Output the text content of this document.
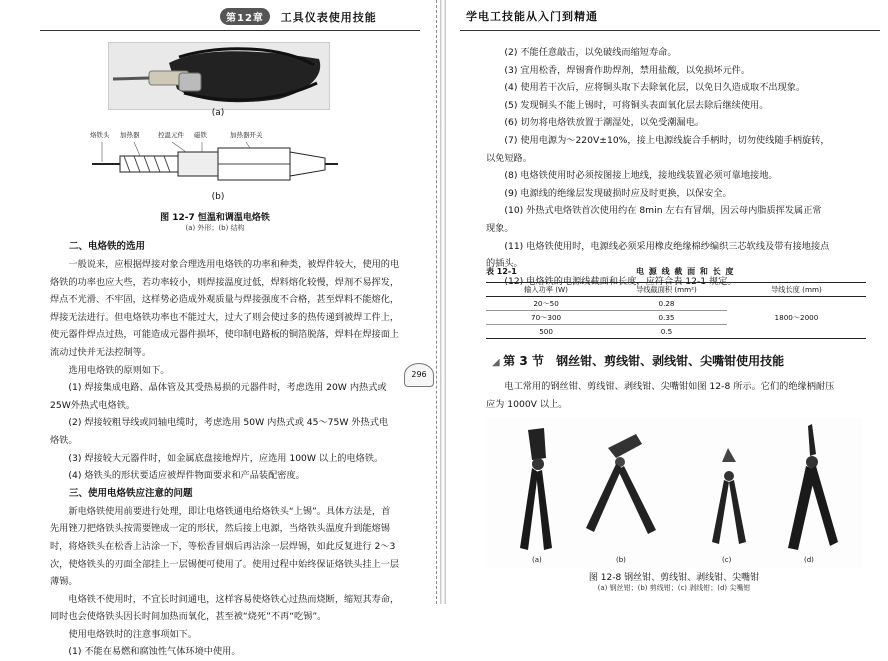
第12章 工具仪表使用技能
(a)
烙铁头 加热器	控温元件 磁铁	加热器开关
(b)
图 12-7 恒温和调温电烙铁
(a) 外形；(b) 结构
二、电烙铁的选用

一般说来，应根据焊接对象合理选用电烙铁的功率和种类，被焊件较大，使用的电

烙铁的功率也应大些，若功率较小，则焊接温度过低，焊料熔化较慢，焊剂不易挥发，

焊点不光滑、不牢固，这样势必造成外观质量与焊接强度不合格，甚至焊料不能熔化，

焊接无法进行。但电烙铁功率也不能过大，过大了则会使过多的热传递到被焊工件上，

使元器件焊点过热，可能造成元器件损坏，使印制电路板的铜箔脱落，焊料在焊接面上

流动过快并无法控制等。

选用电烙铁的原则如下。

(1) 焊接集成电路、晶体管及其受热易损的元器件时，考虑选用 20W 内热式或

25W外热式电烙铁。

(2) 焊接较粗导线或同轴电缆时，考虑选用 50W 内热式或 45～75W 外热式电

烙铁。

(3) 焊接较大元器件时，如金属底盘接地焊片，应选用 100W 以上的电烙铁。

(4) 烙铁头的形状要适应被焊件物面要求和产品装配密度。

三、使用电烙铁应注意的问题

新电烙铁使用前要进行处理，即让电烙铁通电给烙铁头“上锡”。具体方法是，首

先用锉刀把烙铁头按需要锉成一定的形状，然后接上电源，当烙铁头温度升到能熔锡

时，将烙铁头在松香上沾涂一下，等松香冒烟后再沾涂一层焊锡，如此反复进行 2～3

次，使烙铁头的刃面全部挂上一层锡便可使用了。使用过程中始终保证烙铁头挂上一层

薄锡。

电烙铁不使用时，不宜长时间通电，这样容易使烙铁心过热而烧断，缩短其寿命，

同时也会使烙铁头因长时间加热而氧化，甚至被“烧死”不再“吃锡”。

使用电烙铁时的注意事项如下。

(1) 不能在易燃和腐蚀性气体环境中使用。

296
学电工技能从入门到精通

(2) 不能任意敲击，以免破线而缩短寿命。

(3) 宜用松香，焊锡膏作助焊剂，禁用盐酸，以免损坏元件。

(4) 使用若干次后，应将铜头取下去除氧化层，以免日久造成取不出现象。

(5) 发现铜头不能上锡时，可将铜头表面氧化层去除后继续使用。

(6) 切勿将电烙铁放置于潮湿处，以免受潮漏电。

(7) 使用电源为～220V±10%，接上电源线旋合手柄时，切勿使线随手柄旋转，

以免短路。

(8) 电烙铁使用时必须按图接上地线，接地线装置必须可靠地接地。

(9) 电源线的绝缘层发现破损时应及时更换，以保安全。

(10) 外热式电烙铁首次使用约在 8min 左右有冒烟，因云母内脂质挥发属正常

现象。

(11) 电烙铁使用时，电源线必须采用橡皮绝缘棉纱编织三芯软线及带有接地接点

的插头。

(12) 电烙铁的电源线截面和长度，应符合表 12-1 规定。

表 12-1	电 源 线 截 面 和 长 度
输入功率 (W)	导线截面积 (mm²)	导线长度 (mm)
20～50	0.28	1800～2000
70～300	0.35	
500	0.5	
◢ 第 3 节 钢丝钳、剪线钳、剥线钳、尖嘴钳使用技能

电工常用的钢丝钳、剪线钳、剥线钳、尖嘴钳如图 12-8 所示。它们的绝缘柄耐压

应为 1000V 以上。

(a)	(b)	(c)	(d)
图 12-8 钢丝钳、剪线钳、剥线钳、尖嘴钳
(a) 钢丝钳；(b) 剪线钳；(c) 剥线钳；(d) 尖嘴钳
